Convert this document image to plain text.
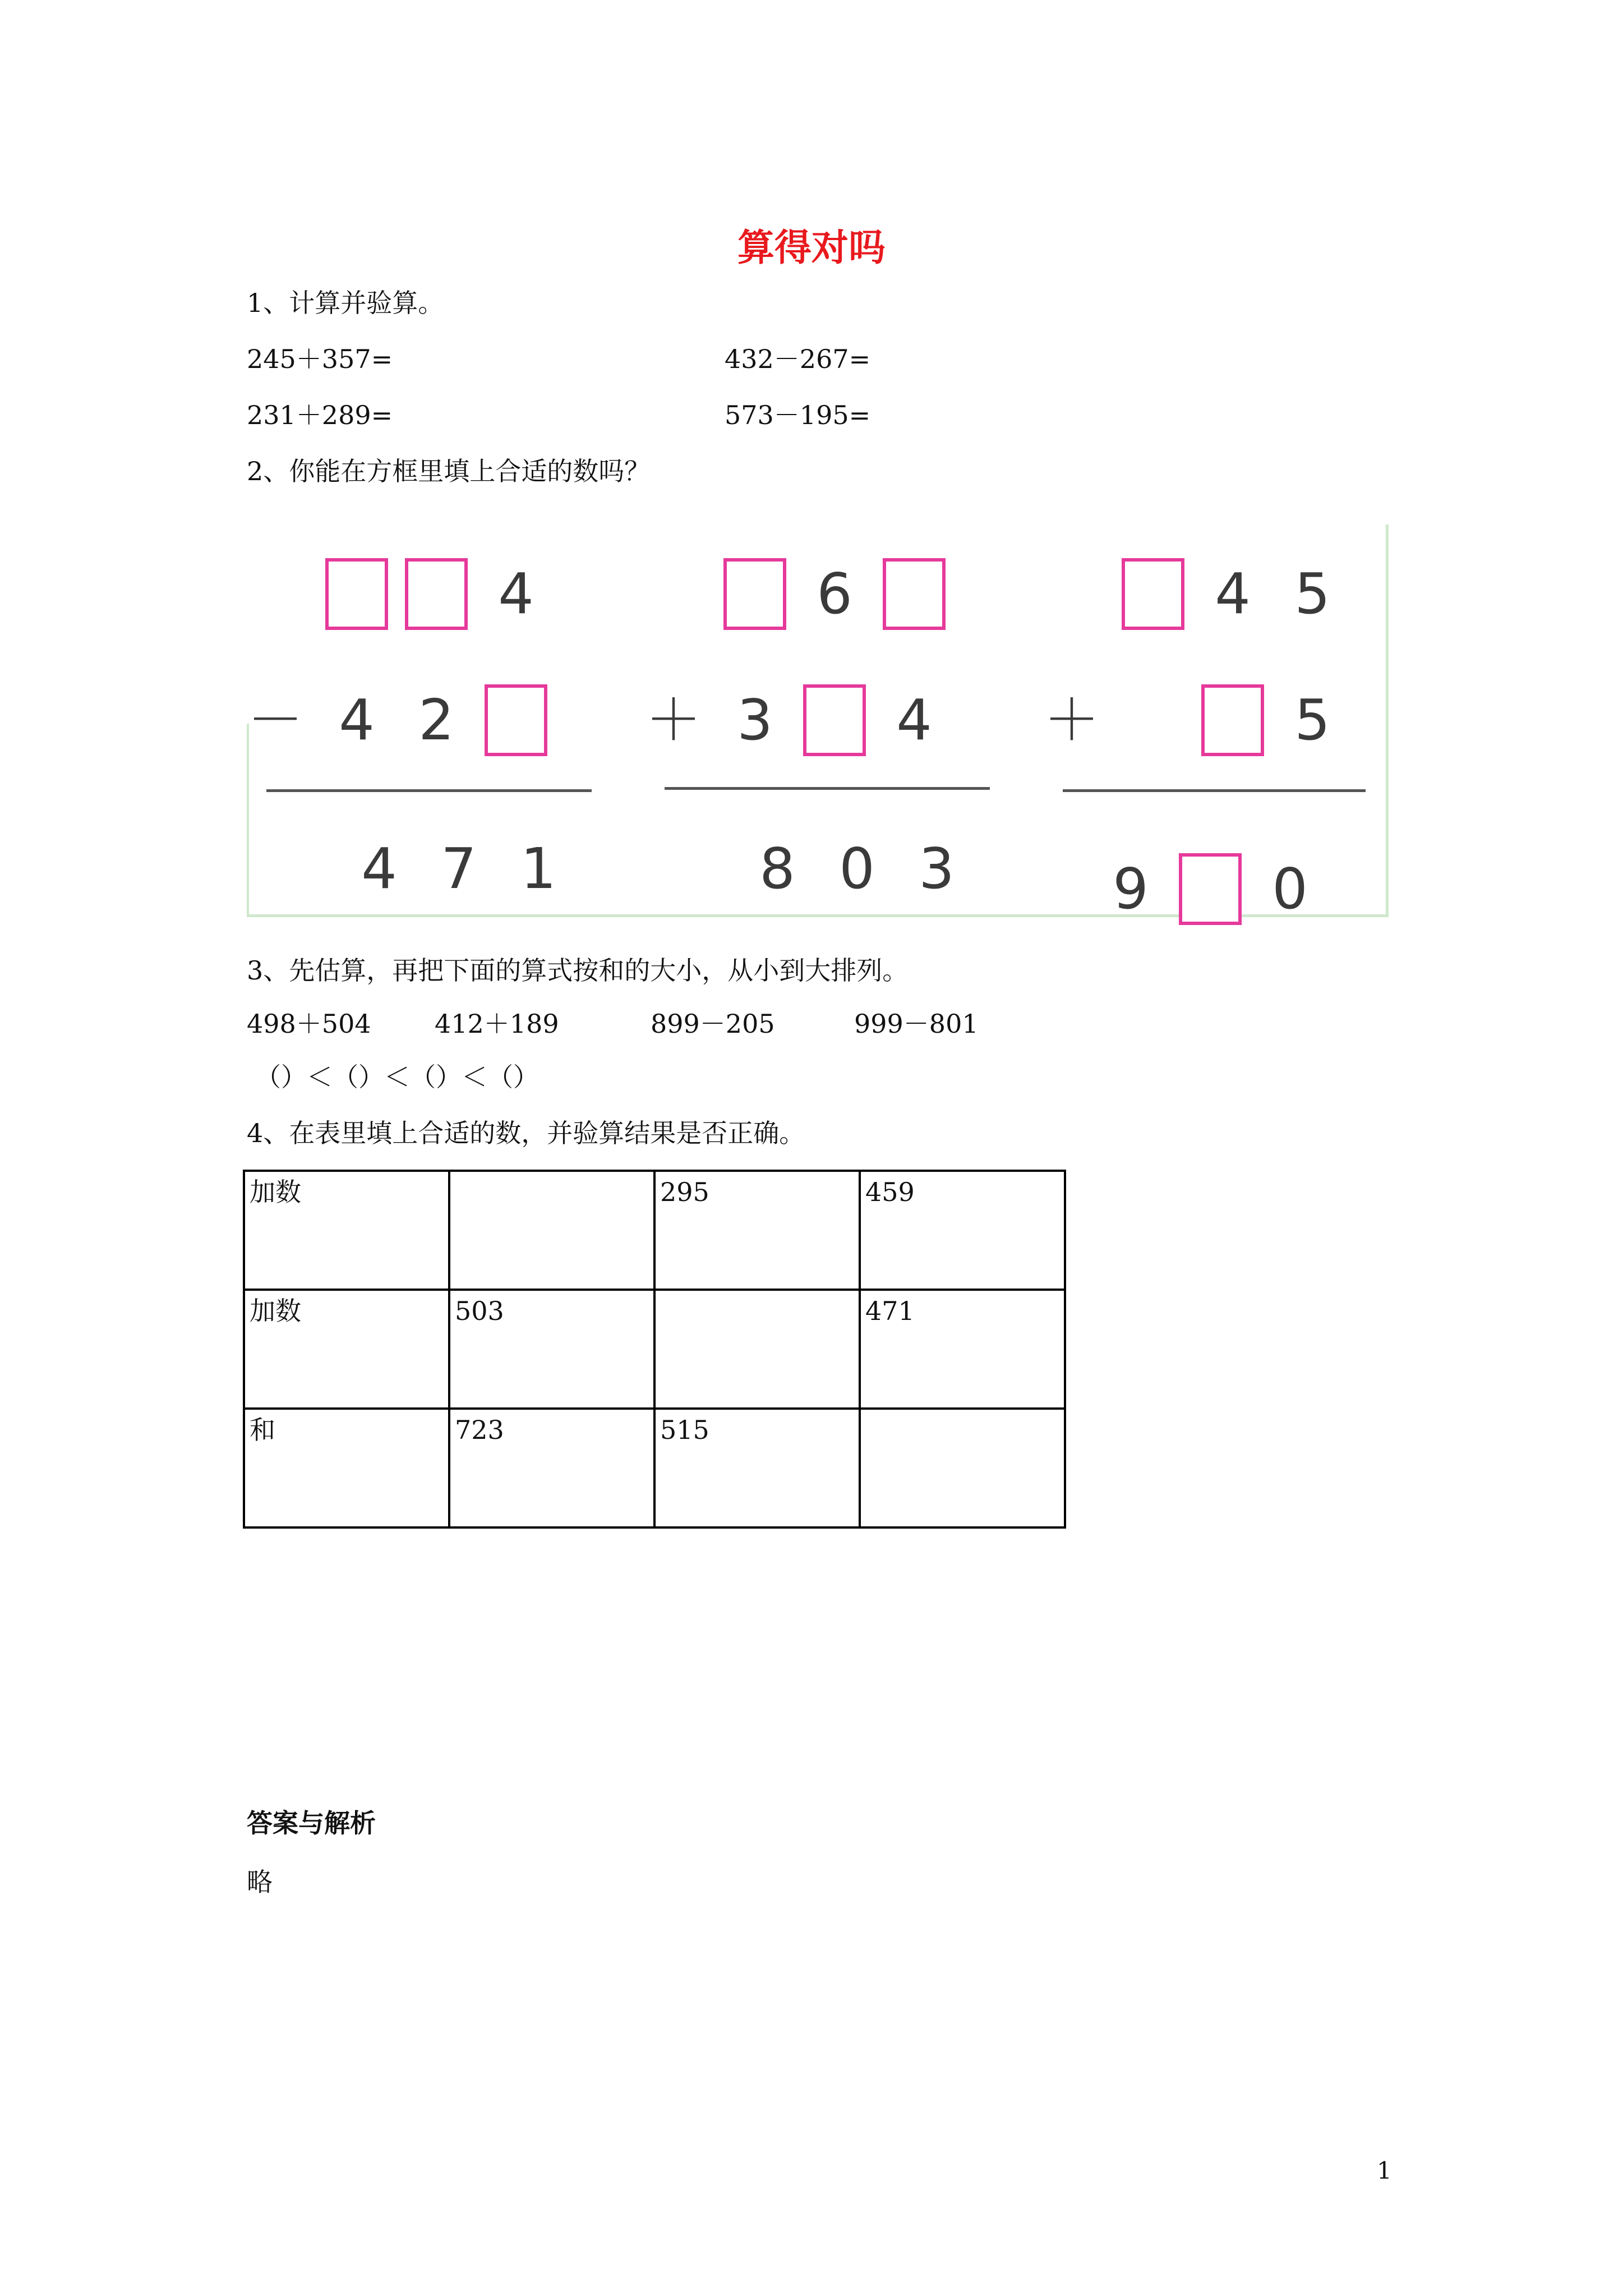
算得对吗
1、计算并验算。
245＋357=	432－267=
231＋289=	573－195=
2、你能在方框里填上合适的数吗？
4
4 2
4 7 1
－
6
3 4
8 0 3
＋
4 5
5
9 0
＋
3、先估算，再把下面的算式按和的大小，从小到大排列。
498＋504 412＋189	899－205	999－801
（）＜（）＜（）＜（）
4、在表里填上合适的数，并验算结果是否正确。
加数		295	459
加数	503		471
和	723	515	
答案与解析
略
1
